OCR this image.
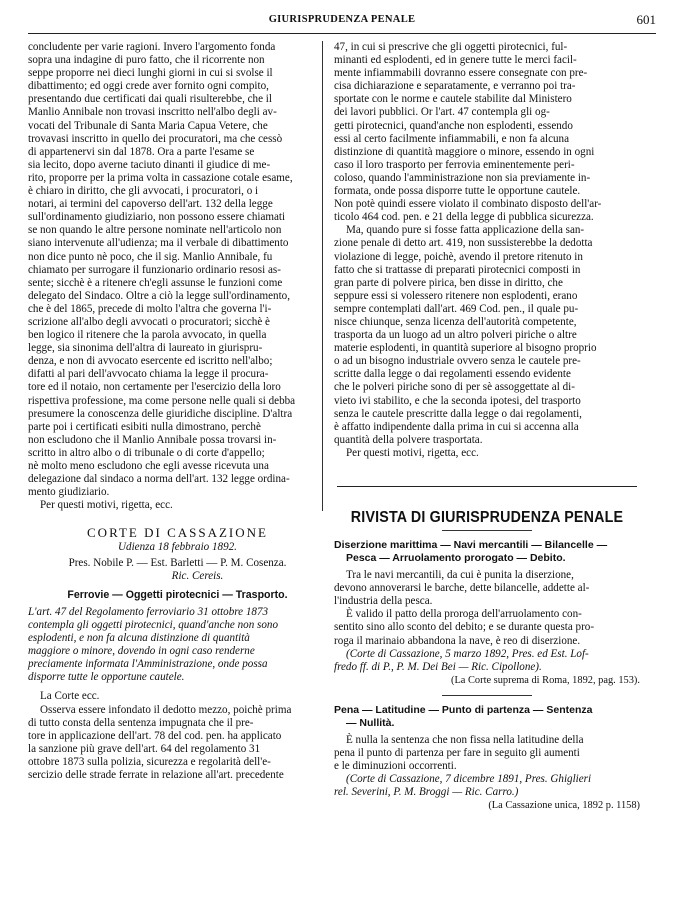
GIURISPRUDENZA PENALE	601

concludente per varie ragioni. Invero l'argomento fonda

sopra una indagine di puro fatto, che il ricorrente non

seppe proporre nei dieci lunghi giorni in cui si svolse il

dibattimento; ed oggi crede aver fornito ogni compito,

presentando due certificati dai quali risulterebbe, che il

Manlio Annibale non trovasi inscritto nell'albo degli av-

vocati del Tribunale di Santa Maria Capua Vetere, che

trovavasi inscritto in quello dei procuratori, ma che cessò

di appartenervi sin dal 1878. Ora a parte l'esame se

sia lecito, dopo averne taciuto dinanti il giudice di me-

rito, proporre per la prima volta in cassazione cotale esame,

è chiaro in diritto, che gli avvocati, i procuratori, o i

notari, ai termini del capoverso dell'art. 132 della legge

sull'ordinamento giudiziario, non possono essere chiamati

se non quando le altre persone nominate nell'articolo non

siano intervenute all'udienza; ma il verbale di dibattimento

non dice punto nè poco, che il sig. Manlio Annibale, fu

chiamato per surrogare il funzionario ordinario resosi as-

sente; sicchè è a ritenere ch'egli assunse le funzioni come

delegato del Sindaco. Oltre a ciò la legge sull'ordinamento,

che è del 1865, precede di molto l'altra che governa l'i-

scrizione all'albo degli avvocati o procuratori; sicchè è

ben logico il ritenere che la parola avvocato, in quella

legge, sia sinonima dell'altra di laureato in giurispru-

denza, e non di avvocato esercente ed iscritto nell'albo;

difatti al pari dell'avvocato chiama la legge il procura-

tore ed il notaio, non certamente per l'esercizio della loro

rispettiva professione, ma come persone nelle quali si debba

presumere la conoscenza delle giuridiche discipline. D'altra

parte poi i certificati esibiti nulla dimostrano, perchè

non escludono che il Manlio Annibale possa trovarsi in-

scritto in altro albo o di tribunale o di corte d'appello;

nè molto meno escludono che egli avesse ricevuta una

delegazione dal sindaco a norma dell'art. 132 legge ordina-

mento giudiziario.

Per questi motivi, rigetta, ecc.

CORTE DI CASSAZIONE

Udienza 18 febbraio 1892.

Pres. Nobile P. — Est. Barletti — P. M. Cosenza.

Ric. Cereis.

Ferrovie — Oggetti pirotecnici — Trasporto.

L'art. 47 del Regolamento ferroviario 31 ottobre 1873

contempla gli oggetti pirotecnici, quand'anche non sono

esplodenti, e non fa alcuna distinzione di quantità

maggiore o minore, dovendo in ogni caso renderne

preciamente informata l'Amministrazione, onde possa

disporre tutte le opportune cautele.

La Corte ecc.

Osserva essere infondato il dedotto mezzo, poichè prima

di tutto consta della sentenza impugnata che il pre-

tore in applicazione dell'art. 78 del cod. pen. ha applicato

la sanzione più grave dell'art. 64 del regolamento 31

ottobre 1873 sulla polizia, sicurezza e regolarità dell'e-

sercizio delle strade ferrate in relazione all'art. precedente

47, in cui si prescrive che gli oggetti pirotecnici, ful-

minanti ed esplodenti, ed in genere tutte le merci facil-

mente infiammabili dovranno essere consegnate con pre-

cisa dichiarazione e separatamente, e verranno poi tra-

sportate con le norme e cautele stabilite dal Ministero

dei lavori pubblici. Or l'art. 47 contempla gli og-

getti pirotecnici, quand'anche non esplodenti, essendo

essi al certo facilmente infiammabili, e non fa alcuna

distinzione di quantità maggiore o minore, essendo in ogni

caso il loro trasporto per ferrovia eminentemente peri-

coloso, quando l'amministrazione non sia previamente in-

formata, onde possa disporre tutte le opportune cautele.

Non potè quindi essere violato il combinato disposto dell'ar-

ticolo 464 cod. pen. e 21 della legge di pubblica sicurezza.

Ma, quando pure si fosse fatta applicazione della san-

zione penale di detto art. 419, non sussisterebbe la dedotta

violazione di legge, poichè, avendo il pretore ritenuto in

fatto che si trattasse di preparati pirotecnici composti in

gran parte di polvere pirica, ben disse in diritto, che

seppure essi si volessero ritenere non esplodenti, erano

sempre contemplati dall'art. 469 Cod. pen., il quale pu-

nisce chiunque, senza licenza dell'autorità competente,

trasporta da un luogo ad un altro polveri piriche o altre

materie esplodenti, in quantità superiore al bisogno proprio

o ad un bisogno industriale ovvero senza le cautele pre-

scritte dalla legge o dai regolamenti essendo evidente

che le polveri piriche sono di per sè assoggettate al di-

vieto ivi stabilito, e che la seconda ipotesi, del trasporto

senza le cautele prescritte dalla legge o dai regolamenti,

è affatto indipendente dalla prima in cui si accenna alla

quantità della polvere trasportata.

Per questi motivi, rigetta, ecc.

RIVISTA DI GIURISPRUDENZA PENALE

Diserzione marittima — Navi mercantili — Bilancelle —

Pesca — Arruolamento prorogato — Debito.

Tra le navi mercantili, da cui è punita la diserzione,

devono annoverarsi le barche, dette bilancelle, addette al-

l'industria della pesca.

È valido il patto della proroga dell'arruolamento con-

sentito sino allo sconto del debito; e se durante questa pro-

roga il marinaio abbandona la nave, è reo di diserzione.

(Corte di Cassazione, 5 marzo 1892, Pres. ed Est. Lof-

fredo ff. di P., P. M. Dei Bei — Ric. Cipollone).

(La Corte suprema di Roma, 1892, pag. 153).

Pena — Latitudine — Punto di partenza — Sentenza

— Nullità.

È nulla la sentenza che non fissa nella latitudine della

pena il punto di partenza per fare in seguito gli aumenti

e le diminuzioni occorrenti.

(Corte di Cassazione, 7 dicembre 1891, Pres. Ghiglieri

rel. Severini, P. M. Broggi — Ric. Carro.)

(La Cassazione unica, 1892 p. 1158)
